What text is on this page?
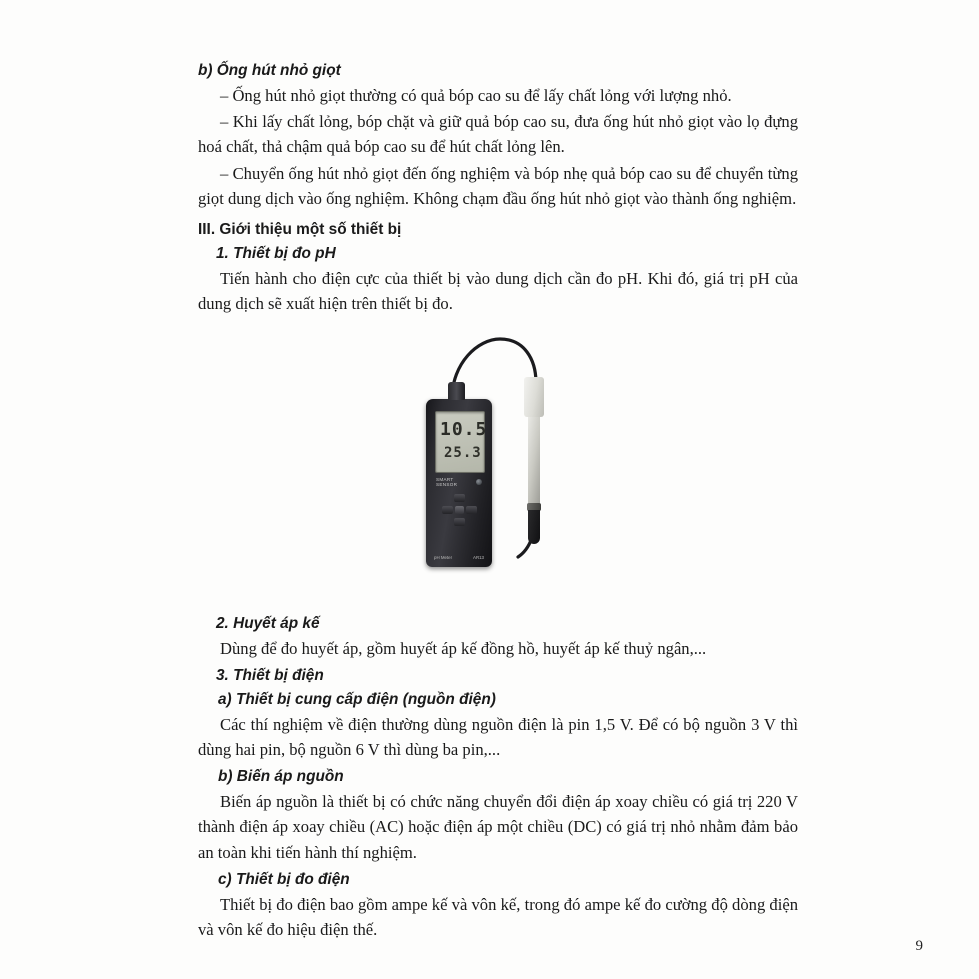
b) Ống hút nhỏ giọt

– Ống hút nhỏ giọt thường có quả bóp cao su để lấy chất lỏng với lượng nhỏ.

– Khi lấy chất lỏng, bóp chặt và giữ quả bóp cao su, đưa ống hút nhỏ giọt vào lọ đựng hoá chất, thả chậm quả bóp cao su để hút chất lỏng lên.

– Chuyển ống hút nhỏ giọt đến ống nghiệm và bóp nhẹ quả bóp cao su để chuyển từng giọt dung dịch vào ống nghiệm. Không chạm đầu ống hút nhỏ giọt vào thành ống nghiệm.

III. Giới thiệu một số thiết bị
1. Thiết bị đo pH

Tiến hành cho điện cực của thiết bị vào dung dịch cần đo pH. Khi đó, giá trị pH của dung dịch sẽ xuất hiện trên thiết bị đo.

10.5
25.3
SMART
SENSOR
pH Meter	AR13
2. Huyết áp kế

Dùng để đo huyết áp, gồm huyết áp kế đồng hồ, huyết áp kế thuỷ ngân,...

3. Thiết bị điện
a) Thiết bị cung cấp điện (nguồn điện)

Các thí nghiệm về điện thường dùng nguồn điện là pin 1,5 V. Để có bộ nguồn 3 V thì dùng hai pin, bộ nguồn 6 V thì dùng ba pin,...

b) Biến áp nguồn

Biến áp nguồn là thiết bị có chức năng chuyển đổi điện áp xoay chiều có giá trị 220 V thành điện áp xoay chiều (AC) hoặc điện áp một chiều (DC) có giá trị nhỏ nhằm đảm bảo an toàn khi tiến hành thí nghiệm.

c) Thiết bị đo điện

Thiết bị đo điện bao gồm ampe kế và vôn kế, trong đó ampe kế đo cường độ dòng điện và vôn kế đo hiệu điện thế.

9
